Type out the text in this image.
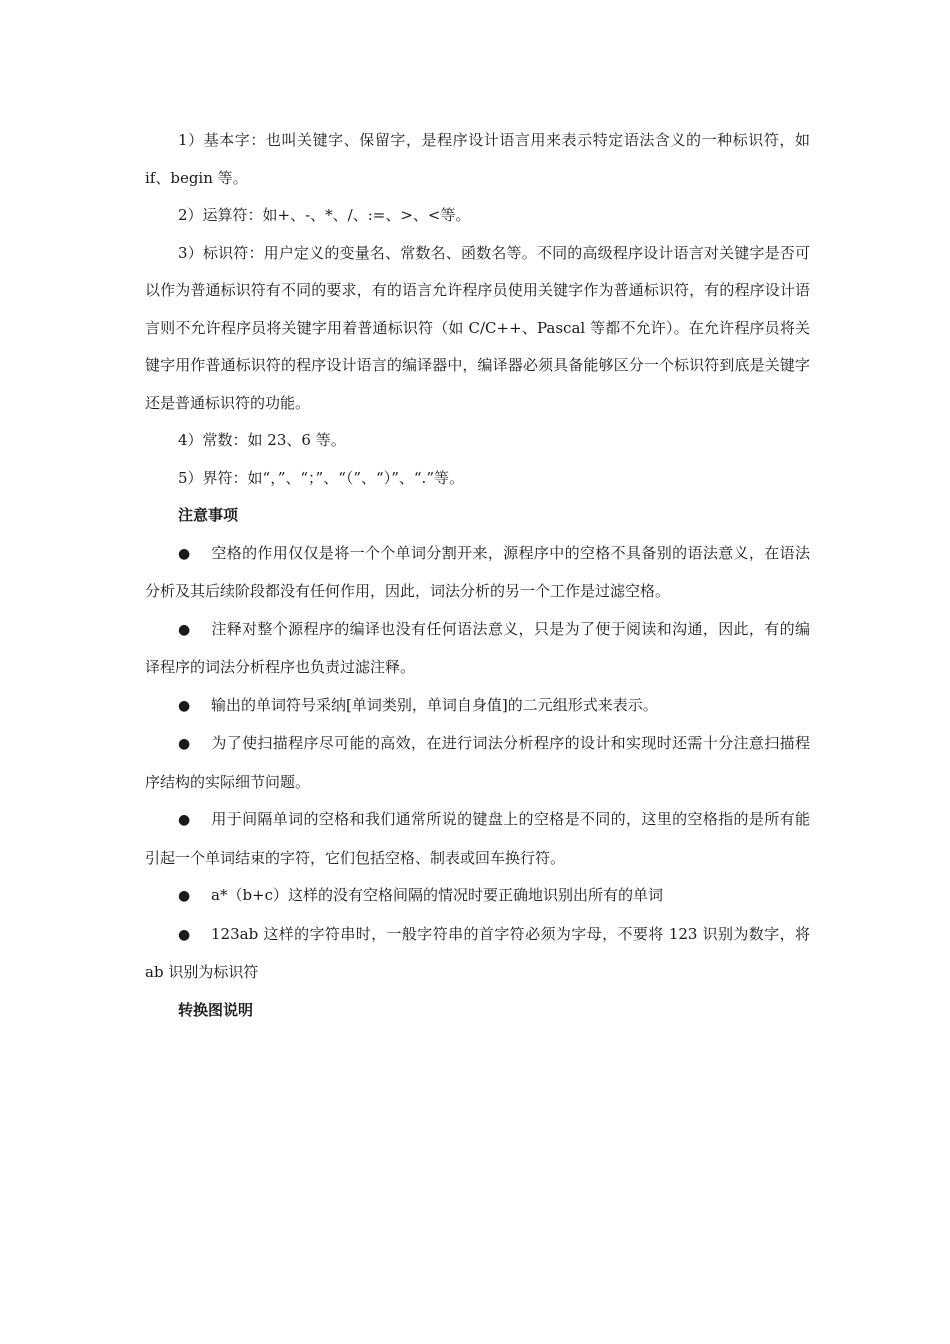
1）基本字：也叫关键字、保留字，是程序设计语言用来表示特定语法含义的一种标识符，如 if、begin 等。

2）运算符：如+、-、*、/、:=、>、<等。

3）标识符：用户定义的变量名、常数名、函数名等。不同的高级程序设计语言对关键字是否可以作为普通标识符有不同的要求，有的语言允许程序员使用关键字作为普通标识符，有的程序设计语言则不允许程序员将关键字用着普通标识符（如 C/C++、Pascal 等都不允许）。在允许程序员将关键字用作普通标识符的程序设计语言的编译器中，编译器必须具备能够区分一个标识符到底是关键字还是普通标识符的功能。

4）常数：如 23、6 等。

5）界符：如“，”、“；”、“（”、“）”、“.”等。

注意事项

● 空格的作用仅仅是将一个个单词分割开来，源程序中的空格不具备别的语法意义，在语法分析及其后续阶段都没有任何作用，因此，词法分析的另一个工作是过滤空格。

● 注释对整个源程序的编译也没有任何语法意义，只是为了便于阅读和沟通，因此，有的编译程序的词法分析程序也负责过滤注释。

● 输出的单词符号采纳[单词类别，单词自身值]的二元组形式来表示。

● 为了使扫描程序尽可能的高效，在进行词法分析程序的设计和实现时还需十分注意扫描程序结构的实际细节问题。

● 用于间隔单词的空格和我们通常所说的键盘上的空格是不同的，这里的空格指的是所有能引起一个单词结束的字符，它们包括空格、制表或回车换行符。

● a*（b+c）这样的没有空格间隔的情况时要正确地识别出所有的单词

● 123ab 这样的字符串时，一般字符串的首字符必须为字母，不要将 123 识别为数字，将 ab 识别为标识符

转换图说明
